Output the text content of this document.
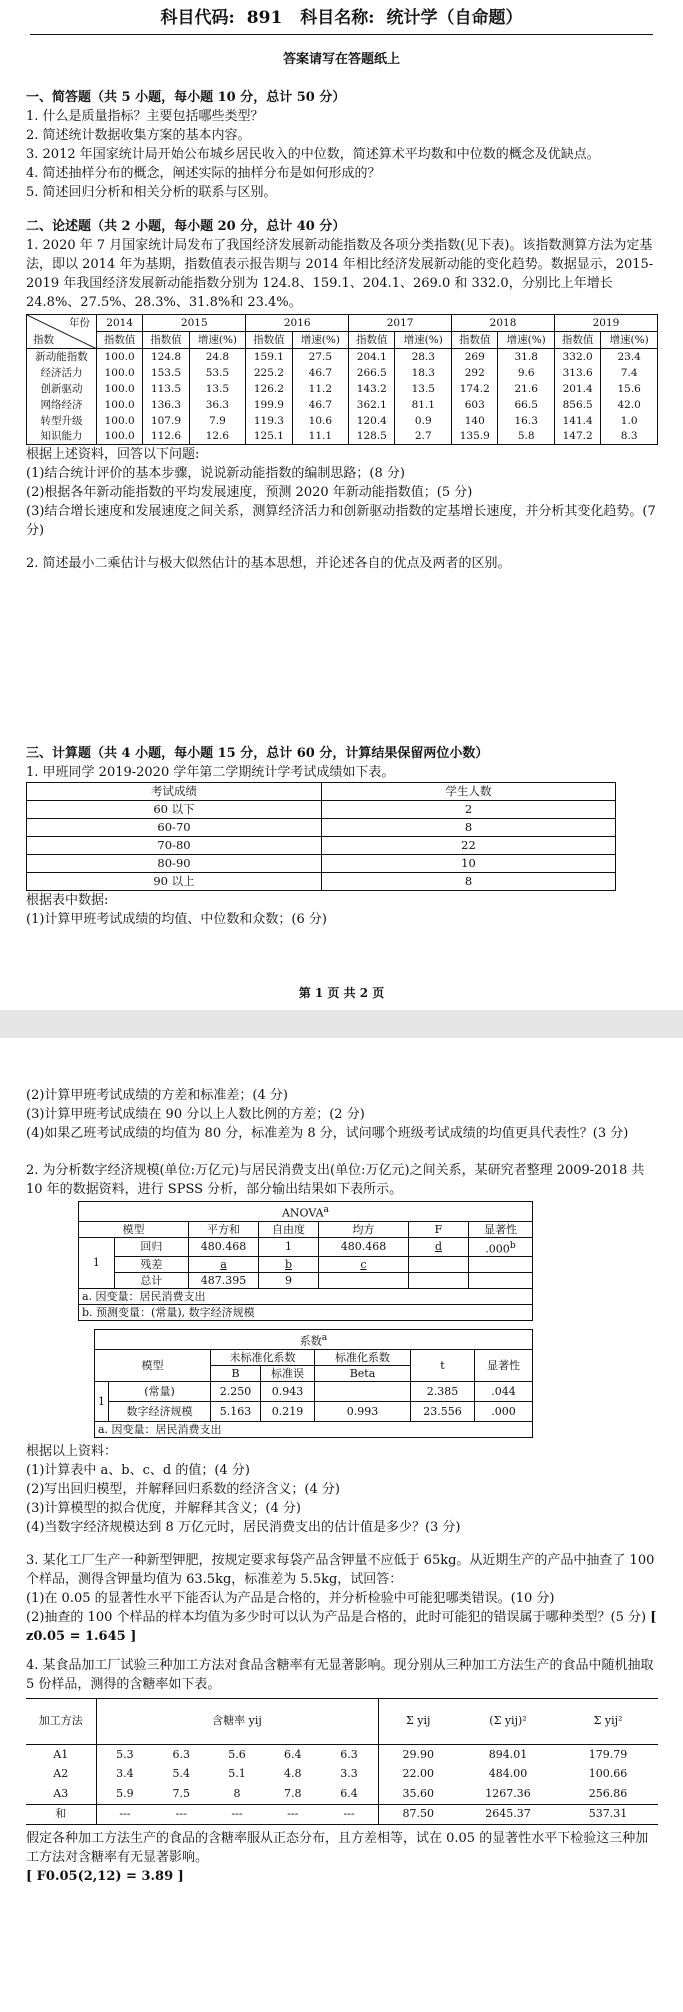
科目代码: 891 科目名称: 统计学（自命题）
答案请写在答题纸上

一、简答题（共 5 小题，每小题 10 分，总计 50 分）

1. 什么是质量指标？主要包括哪些类型？

2. 简述统计数据收集方案的基本内容。

3. 2012 年国家统计局开始公布城乡居民收入的中位数，简述算术平均数和中位数的概念及优缺点。

4. 简述抽样分布的概念，阐述实际的抽样分布是如何形成的？

5. 简述回归分析和相关分析的联系与区别。

二、论述题（共 2 小题，每小题 20 分，总计 40 分）

1. 2020 年 7 月国家统计局发布了我国经济发展新动能指数及各项分类指数(见下表)。该指数测算方法为定基法，即以 2014 年为基期，指数值表示报告期与 2014 年相比经济发展新动能的变化趋势。数据显示，2015-2019 年我国经济发展新动能指数分别为 124.8、159.1、204.1、269.0 和 332.0，分别比上年增长 24.8%、27.5%、28.3%、31.8%和 23.4%。

年份
指数	2014	2015		2016		2017		2018		2019	
	指数值	指数值	增速(%)	指数值	增速(%)	指数值	增速(%)	指数值	增速(%)	指数值	增速(%)
新动能指数	100.0	124.8	24.8	159.1	27.5	204.1	28.3	269	31.8	332.0	23.4
经济活力	100.0	153.5	53.5	225.2	46.7	266.5	18.3	292	9.6	313.6	7.4
创新驱动	100.0	113.5	13.5	126.2	11.2	143.2	13.5	174.2	21.6	201.4	15.6
网络经济	100.0	136.3	36.3	199.9	46.7	362.1	81.1	603	66.5	856.5	42.0
转型升级	100.0	107.9	7.9	119.3	10.6	120.4	0.9	140	16.3	141.4	1.0
知识能力	100.0	112.6	12.6	125.1	11.1	128.5	2.7	135.9	5.8	147.2	8.3

根据上述资料，回答以下问题:

(1)结合统计评价的基本步骤，说说新动能指数的编制思路；(8 分)

(2)根据各年新动能指数的平均发展速度，预测 2020 年新动能指数值；(5 分)

(3)结合增长速度和发展速度之间关系，测算经济活力和创新驱动指数的定基增长速度，并分析其变化趋势。(7 分)

2. 简述最小二乘估计与极大似然估计的基本思想，并论述各自的优点及两者的区别。

三、计算题（共 4 小题，每小题 15 分，总计 60 分，计算结果保留两位小数）

1. 甲班同学 2019-2020 学年第二学期统计学考试成绩如下表。

考试成绩	学生人数
60 以下	2
60-70	8
70-80	22
80-90	10
90 以上	8

根据表中数据:

(1)计算甲班考试成绩的均值、中位数和众数；(6 分)

第 1 页 共 2 页

(2)计算甲班考试成绩的方差和标准差；(4 分)

(3)计算甲班考试成绩在 90 分以上人数比例的方差；(2 分)

(4)如果乙班考试成绩的均值为 80 分，标准差为 8 分，试问哪个班级考试成绩的均值更具代表性？(3 分)

2. 为分析数字经济规模(单位:万亿元)与居民消费支出(单位:万亿元)之间关系，某研究者整理 2009-2018 共 10 年的数据资料，进行 SPSS 分析，部分输出结果如下表所示。

ANOVA$^a$
模型		平方和	自由度	均方	F	显著性
1	回归	480.468	1	480.468	d	.000$^b$
	残差	a	b	c		
	总计	487.395	9			
a. 因变量：居民消费支出						
b. 预测变量：(常量), 数字经济规模						
系数$^a$
模型		未标准化系数		标准化系数	t	显著性
		B	标准误	Beta		
1	(常量)	2.250	0.943		2.385	.044
	数字经济规模	5.163	0.219	0.993	23.556	.000
a. 因变量：居民消费支出						

根据以上资料：

(1)计算表中 a、b、c、d 的值；(4 分)

(2)写出回归模型，并解释回归系数的经济含义；(4 分)

(3)计算模型的拟合优度，并解释其含义；(4 分)

(4)当数字经济规模达到 8 万亿元时，居民消费支出的估计值是多少？(3 分)

3. 某化工厂生产一种新型钾肥，按规定要求每袋产品含钾量不应低于 65kg。从近期生产的产品中抽查了 100 个样品，测得含钾量均值为 63.5kg，标准差为 5.5kg，试回答：

(1)在 0.05 的显著性水平下能否认为产品是合格的，并分析检验中可能犯哪类错误。(10 分)

(2)抽查的 100 个样品的样本均值为多少时可以认为产品是合格的，此时可能犯的错误属于哪种类型？(5 分) [ z0.05 = 1.645 ]

4. 某食品加工厂试验三种加工方法对食品含糖率有无显著影响。现分别从三种加工方法生产的食品中随机抽取 5 份样品，测得的含糖率如下表。

加工方法	含糖率 yij					Σ yij	(Σ yij)²	Σ yij²
A1	5.3	6.3	5.6	6.4	6.3	29.90	894.01	179.79
A2	3.4	5.4	5.1	4.8	3.3	22.00	484.00	100.66
A3	5.9	7.5	8	7.8	6.4	35.60	1267.36	256.86
和	---	---	---	---	---	87.50	2645.37	537.31

假定各种加工方法生产的食品的含糖率服从正态分布，且方差相等，试在 0.05 的显著性水平下检验这三种加工方法对含糖率有无显著影响。

[ F0.05(2,12) = 3.89 ]
